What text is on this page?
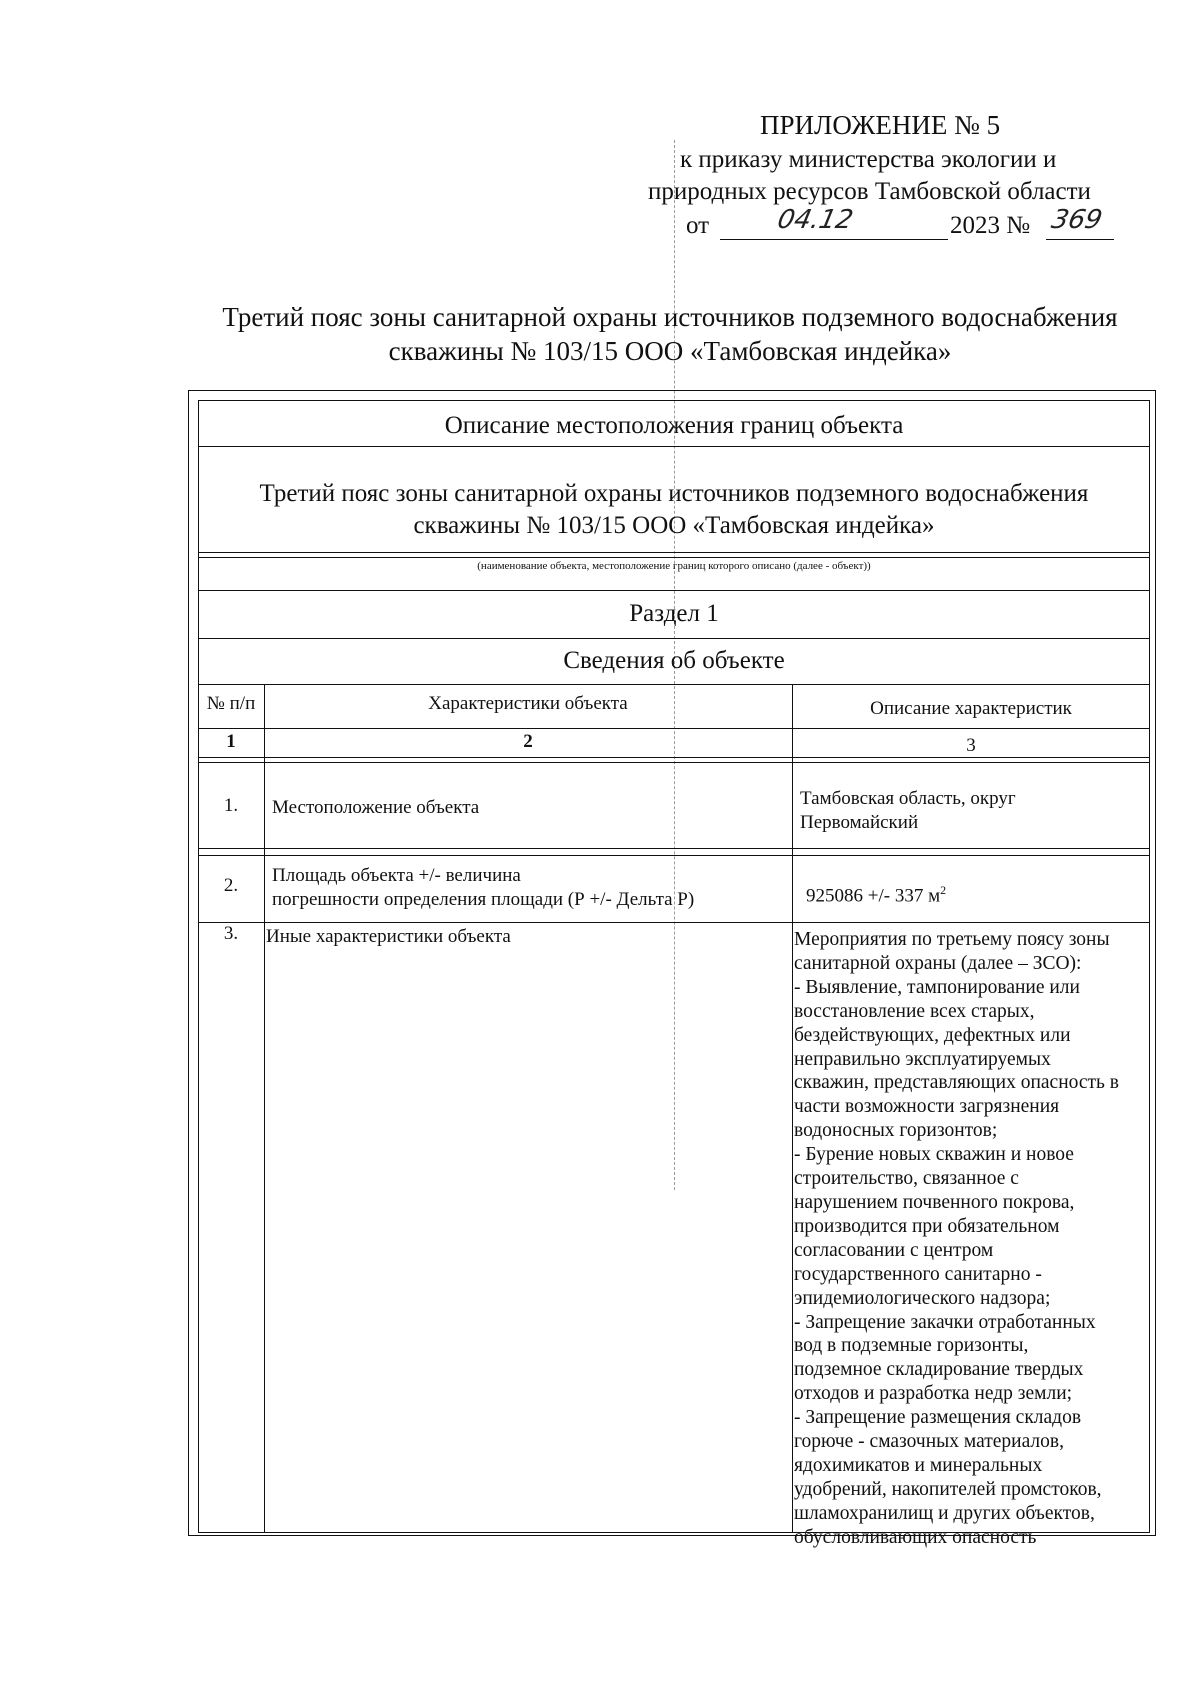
ПРИЛОЖЕНИЕ № 5
к приказу министерства экологии и
природных ресурсов Тамбовской области
от	04.12	2023 № 369
Третий пояс зоны санитарной охраны источников подземного водоснабжения
скважины № 103/15 ООО «Тамбовская индейка»
Описание местоположения границ объекта
Третий пояс зоны санитарной охраны источников подземного водоснабжения
скважины № 103/15 ООО «Тамбовская индейка»
(наименование объекта, местоположение границ которого описано (далее - объект))
Раздел 1
Сведения об объекте
№ п/п	Характеристики объекта	Описание характеристик
1	2	3
1.	Местоположение объекта	Тамбовская область, округ
Первомайский
2.	Площадь объекта +/- величина
погрешности определения площади (Р +/- Дельта Р)	925086 +/- 337 $м^2$
3.	Иные характеристики объекта	Мероприятия по третьему поясу зоны
санитарной охраны (далее – ЗСО):
- Выявление, тампонирование или
восстановление всех старых,
бездействующих, дефектных или
неправильно эксплуатируемых
скважин, представляющих опасность в
части возможности загрязнения
водоносных горизонтов;
- Бурение новых скважин и новое
строительство, связанное с
нарушением почвенного покрова,
производится при обязательном
согласовании с центром
государственного санитарно -
эпидемиологического надзора;
- Запрещение закачки отработанных
вод в подземные горизонты,
подземное складирование твердых
отходов и разработка недр земли;
- Запрещение размещения складов
горюче - смазочных материалов,
ядохимикатов и минеральных
удобрений, накопителей промстоков,
шламохранилищ и других объектов,
обусловливающих опасность
